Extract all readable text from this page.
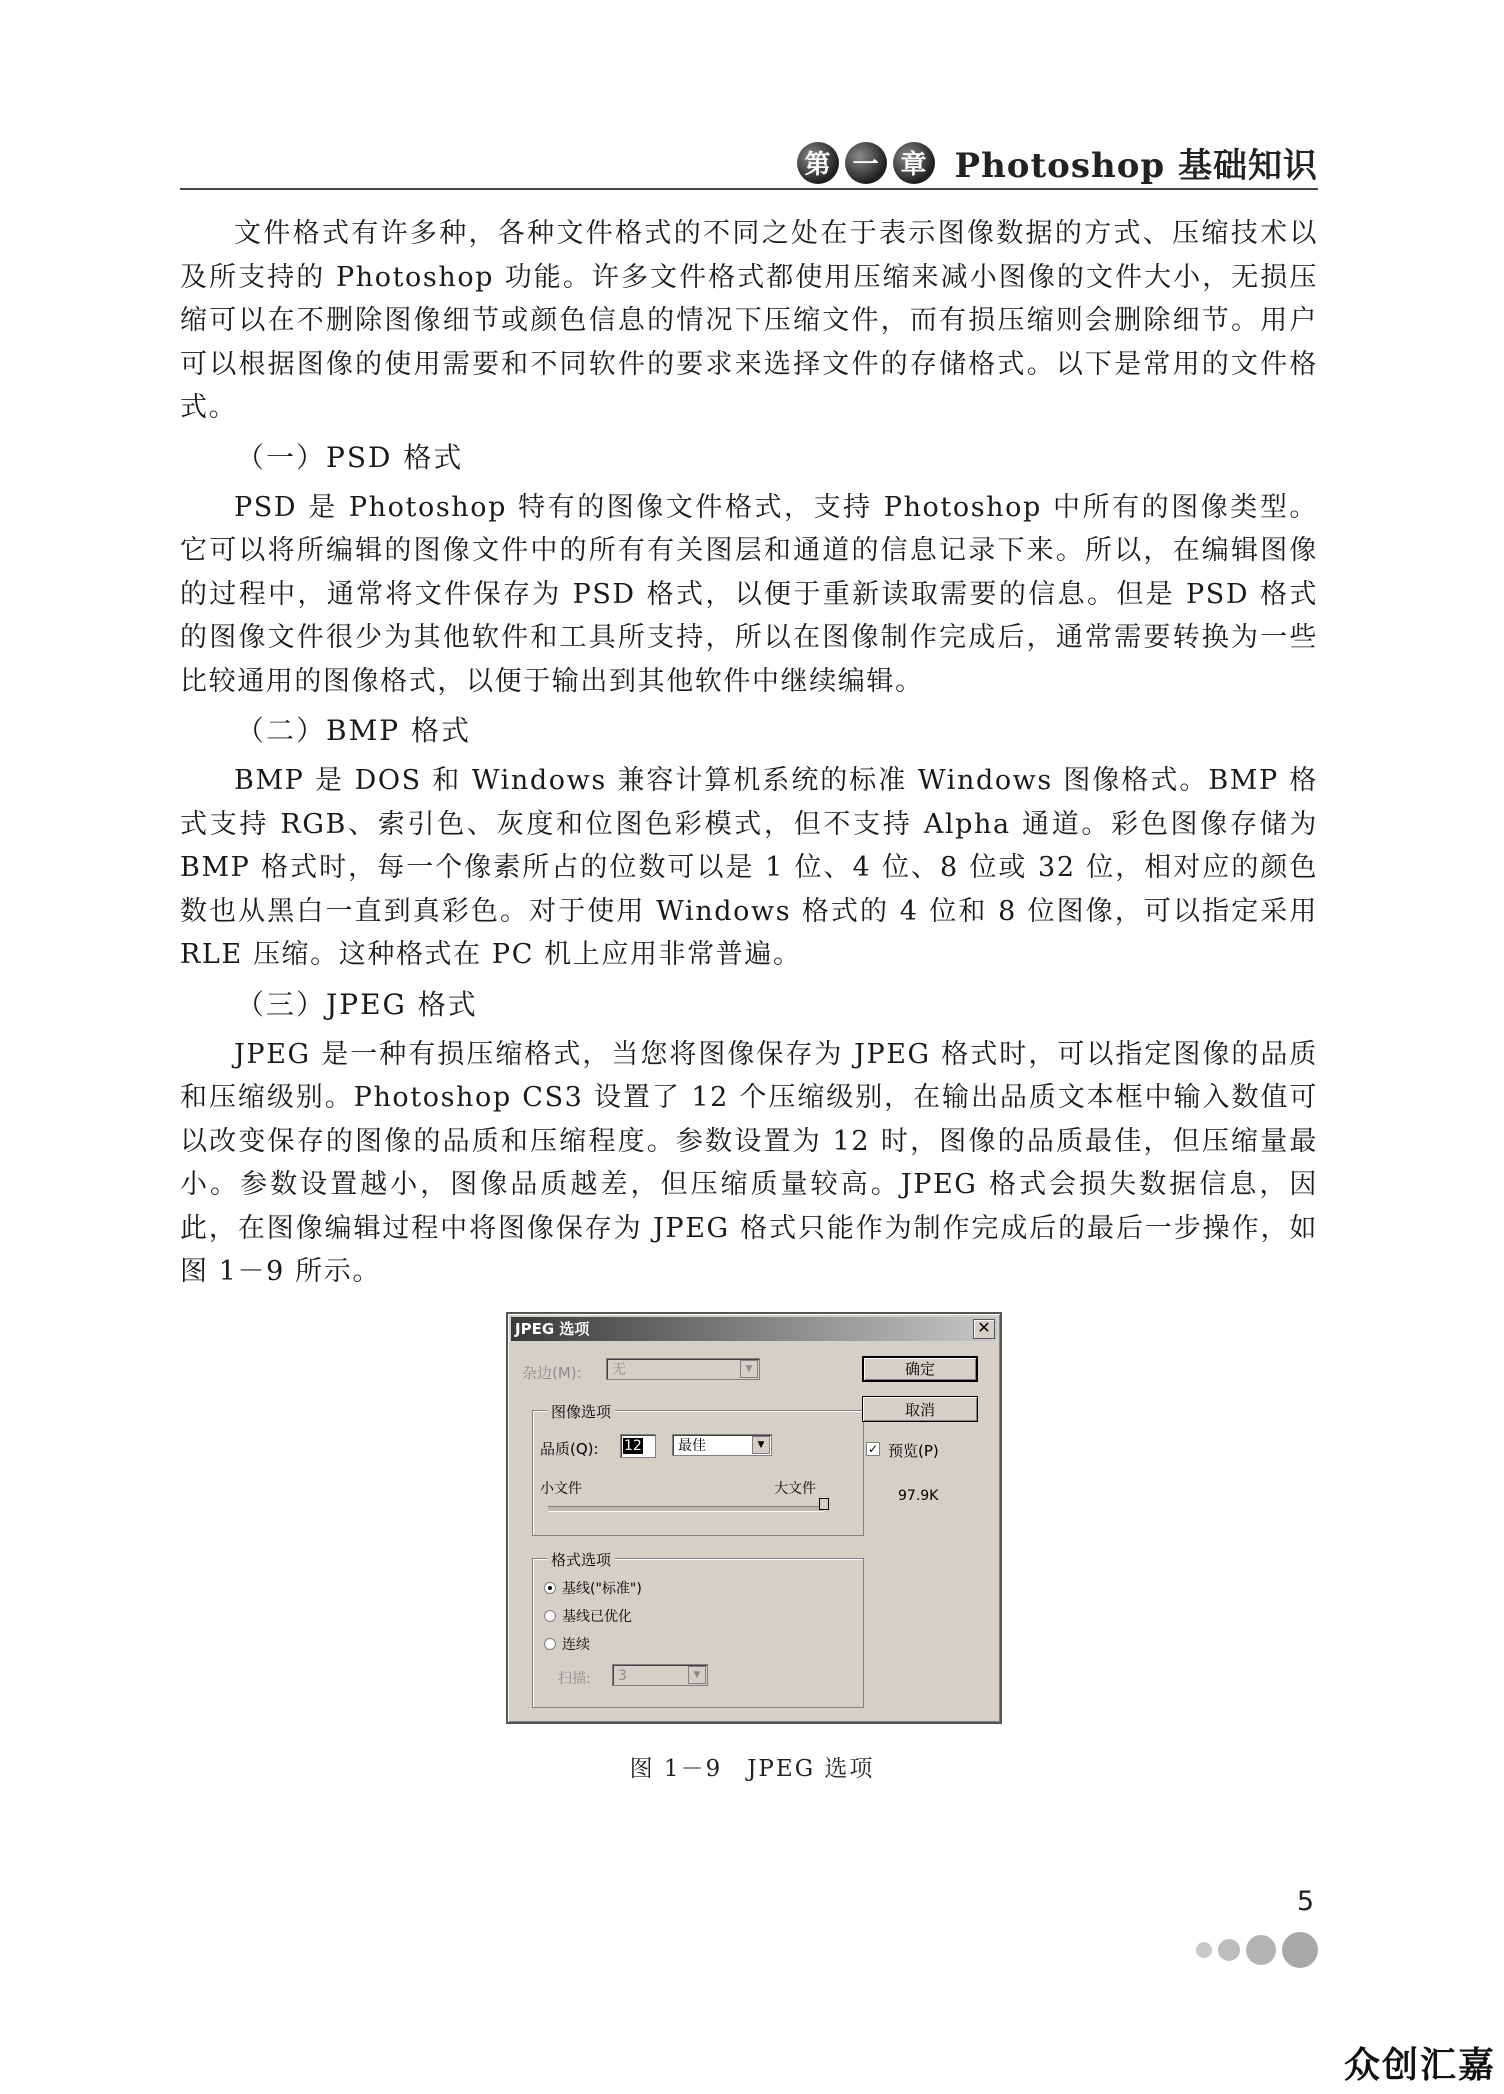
第 一 章 Photoshop 基础知识

文件格式有许多种，各种文件格式的不同之处在于表示图像数据的方式、压缩技术以及所支持的 Photoshop 功能。许多文件格式都使用压缩来减小图像的文件大小，无损压缩可以在不删除图像细节或颜色信息的情况下压缩文件，而有损压缩则会删除细节。用户可以根据图像的使用需要和不同软件的要求来选择文件的存储格式。以下是常用的文件格式。

（一）PSD 格式

PSD 是 Photoshop 特有的图像文件格式，支持 Photoshop 中所有的图像类型。它可以将所编辑的图像文件中的所有有关图层和通道的信息记录下来。所以，在编辑图像的过程中，通常将文件保存为 PSD 格式，以便于重新读取需要的信息。但是 PSD 格式的图像文件很少为其他软件和工具所支持，所以在图像制作完成后，通常需要转换为一些比较通用的图像格式，以便于输出到其他软件中继续编辑。

（二）BMP 格式

BMP 是 DOS 和 Windows 兼容计算机系统的标准 Windows 图像格式。BMP 格式支持 RGB、索引色、灰度和位图色彩模式，但不支持 Alpha 通道。彩色图像存储为 BMP 格式时，每一个像素所占的位数可以是 1 位、4 位、8 位或 32 位，相对应的颜色数也从黑白一直到真彩色。对于使用 Windows 格式的 4 位和 8 位图像，可以指定采用 RLE 压缩。这种格式在 PC 机上应用非常普遍。

（三）JPEG 格式

JPEG 是一种有损压缩格式，当您将图像保存为 JPEG 格式时，可以指定图像的品质和压缩级别。Photoshop CS3 设置了 12 个压缩级别，在输出品质文本框中输入数值可以改变保存的图像的品质和压缩程度。参数设置为 12 时，图像的品质最佳，但压缩量最小。参数设置越小，图像品质越差，但压缩质量较高。JPEG 格式会损失数据信息，因此，在图像编辑过程中将图像保存为 JPEG 格式只能作为制作完成后的最后一步操作，如图 1－9 所示。

JPEG 选项	✕
杂边(M):	无	▼
图像选项
品质(Q): 12	最佳	▼
小文件	大文件
格式选项
基线("标准")
基线已优化
连续
扫描:	3	▼
确定
取消
✓ 预览(P)
97.9K
图 1－9　JPEG 选项
5
众创汇嘉
